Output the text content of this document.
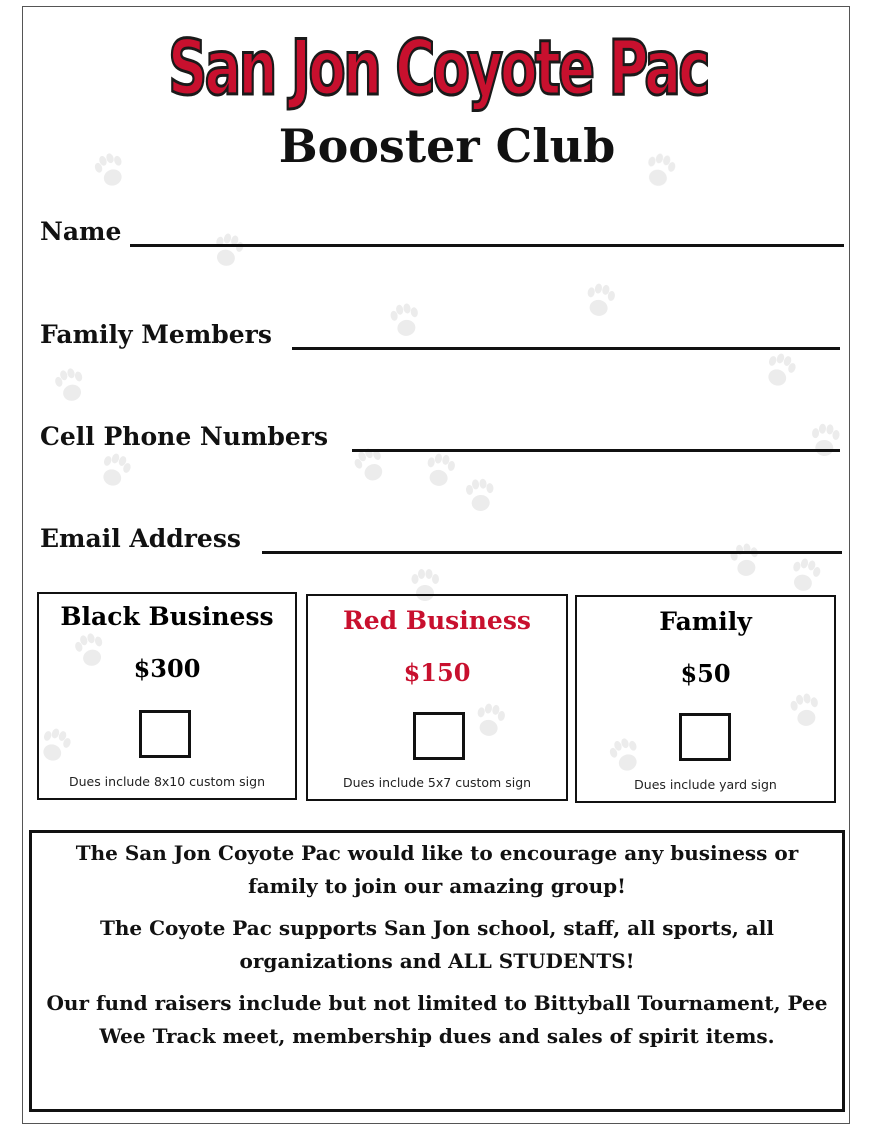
San Jon Coyote Pac
Booster Club
Name
Family Members
Cell Phone Numbers
Email Address
Black Business
$300
Dues include 8x10 custom sign
Red Business
$150
Dues include 5x7 custom sign
Family
$50
Dues include yard sign

The San Jon Coyote Pac would like to encourage any business or family to join our amazing group!

The Coyote Pac supports San Jon school, staff, all sports, all organizations and ALL STUDENTS!

Our fund raisers include but not limited to Bittyball Tournament, Pee Wee Track meet, membership dues and sales of spirit items.
